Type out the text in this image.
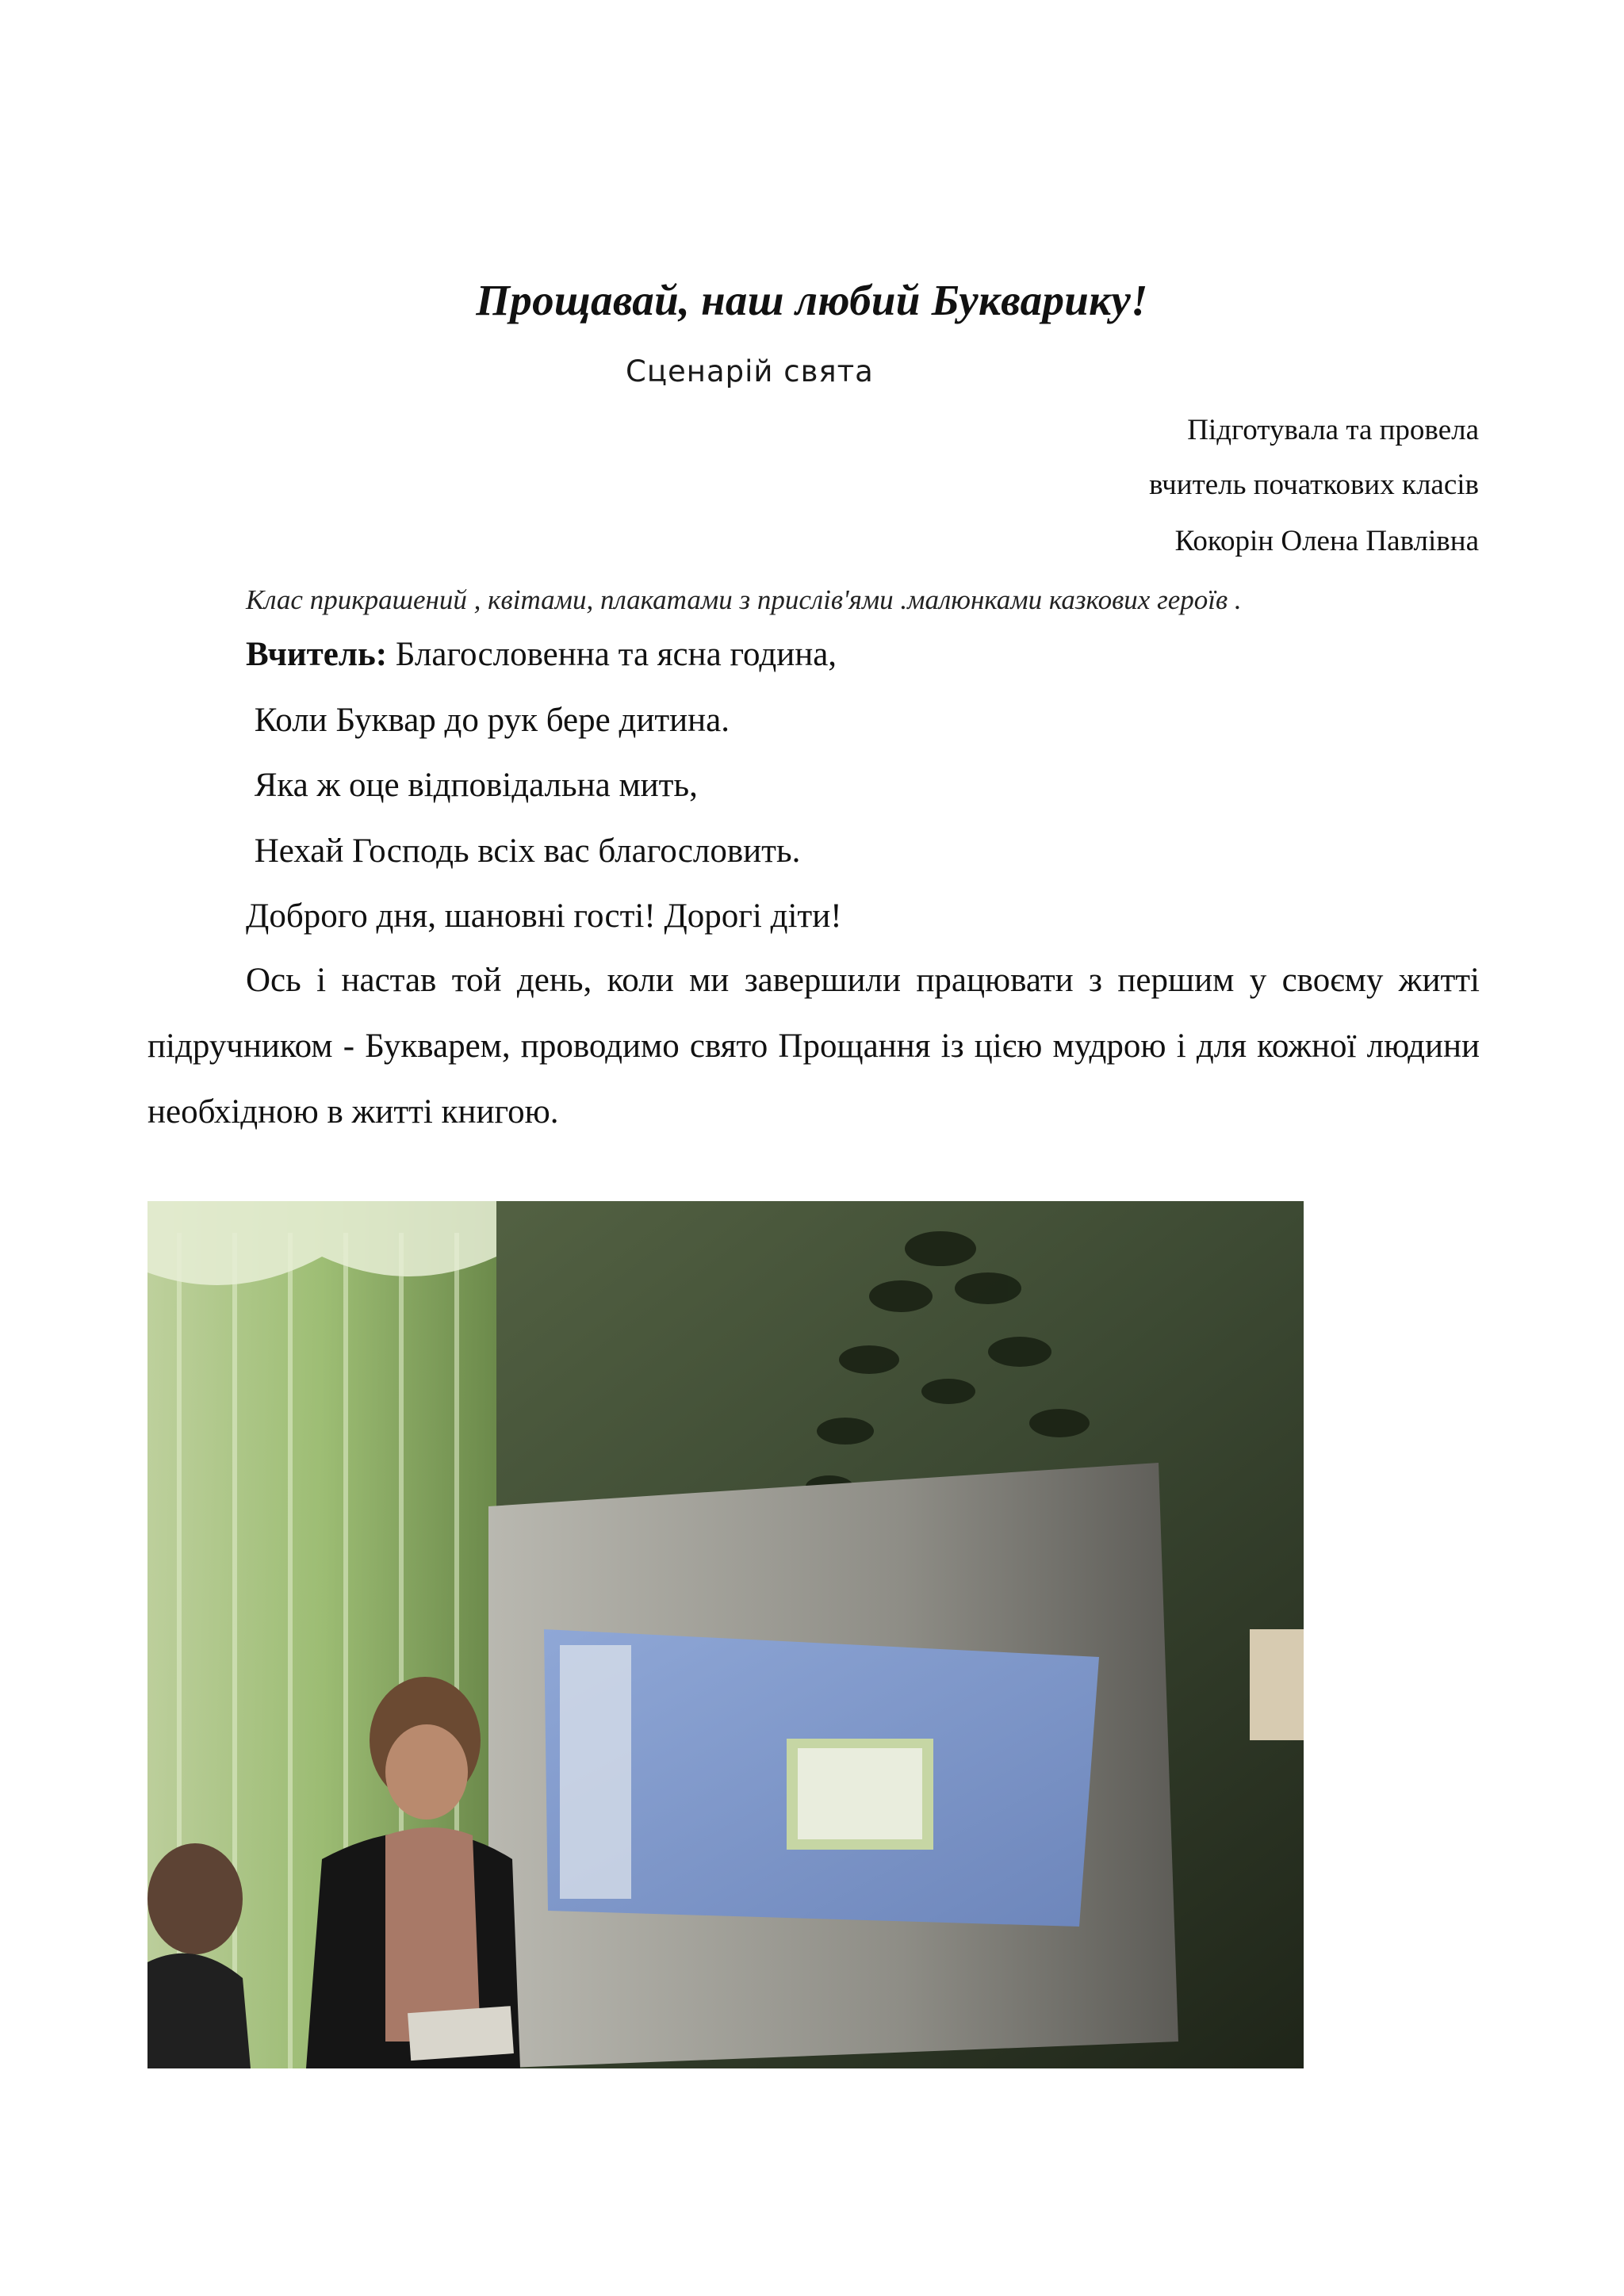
Прощавай, наш любий Букварику!

Сценарій свята

Підготувала та провела

вчитель початкових класів

Кокорін Олена Павлівна

Клас прикрашений , квітами, плакатами з прислів'ями .малюнками казкових героїв .

Вчитель: Благословенна та ясна година,

Коли Буквар до рук бере дитина.

Яка ж оце відповідальна мить,

Нехай Господь всіх вас благословить.

Доброго дня, шановні гості! Дорогі діти!

Ось і настав той день, коли ми завершили працювати з першим у своєму житті підручником - Букварем, проводимо свято Прощання із цією мудрою і для кожної людини необхідною в житті книгою.
